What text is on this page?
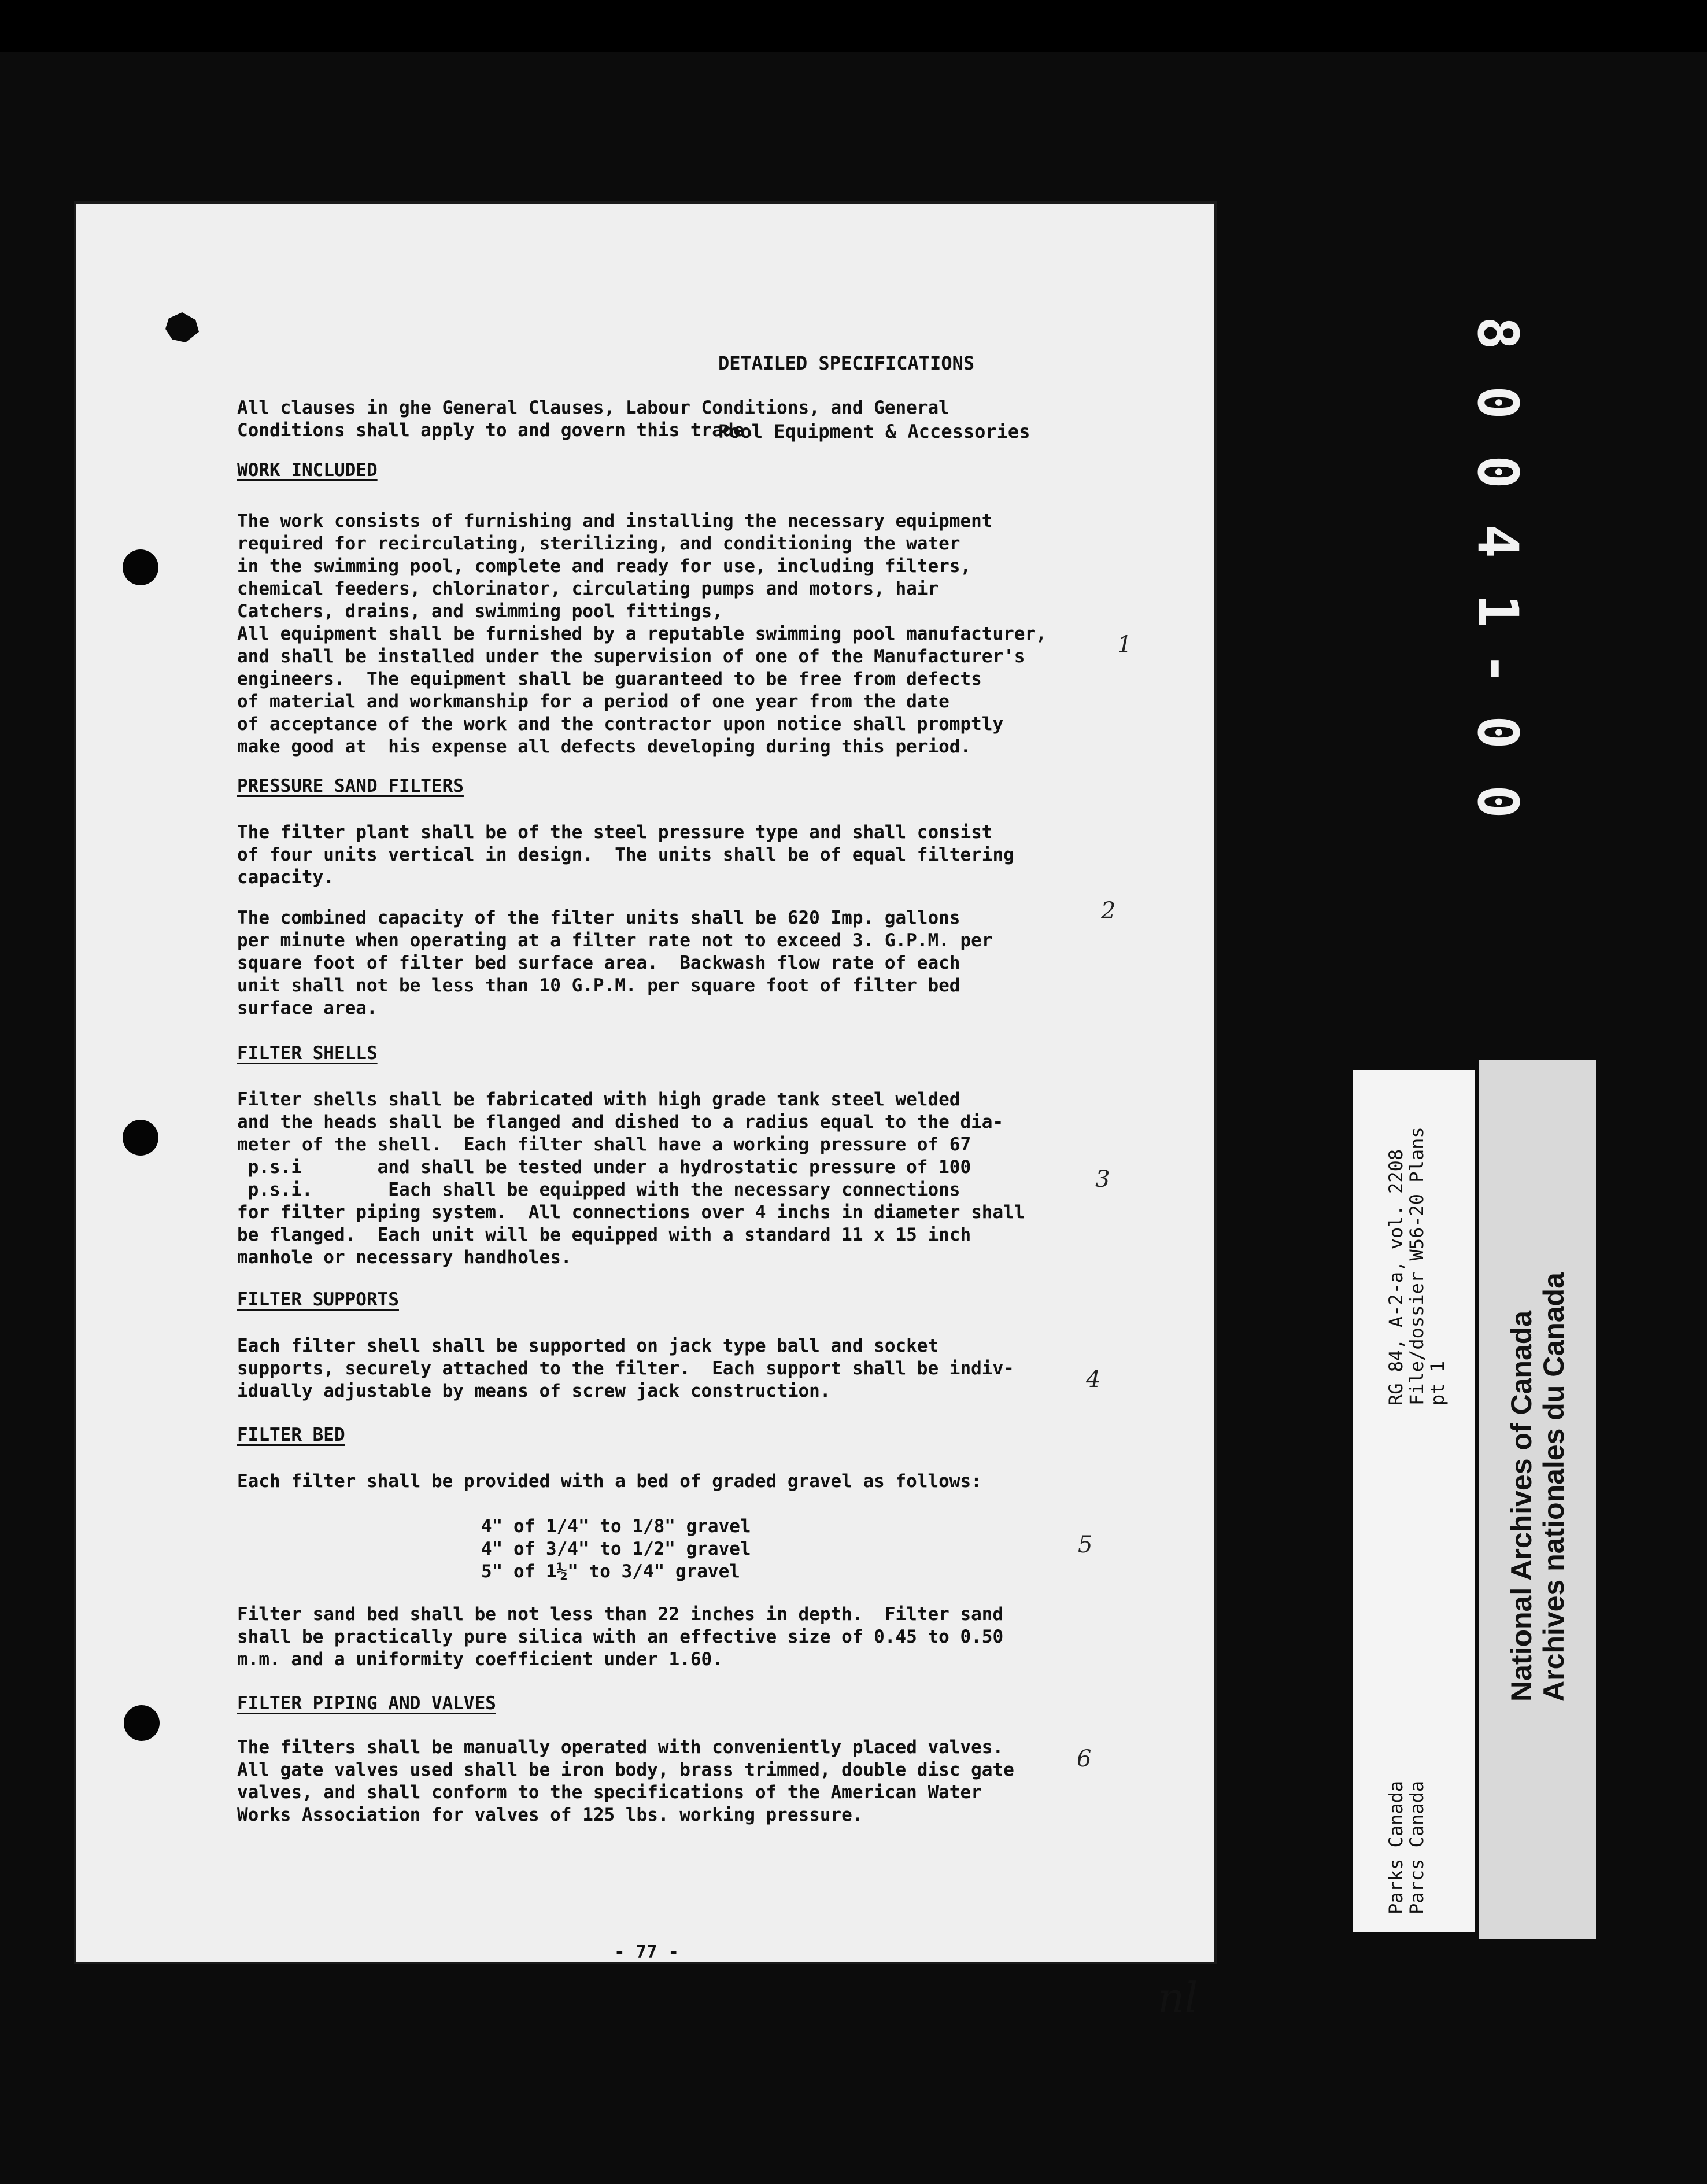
DETAILED SPECIFICATIONS

Pool Equipment & Accessories

All clauses in ghe General Clauses, Labour Conditions, and General
Conditions shall apply to and govern this trade.
WORK INCLUDED
The work consists of furnishing and installing the necessary equipment
required for recirculating, sterilizing, and conditioning the water
in the swimming pool, complete and ready for use, including filters,
chemical feeders, chlorinator, circulating pumps and motors, hair
Catchers, drains, and swimming pool fittings,
All equipment shall be furnished by a reputable swimming pool manufacturer,
and shall be installed under the supervision of one of the Manufacturer's
engineers.  The equipment shall be guaranteed to be free from defects
of material and workmanship for a period of one year from the date
of acceptance of the work and the contractor upon notice shall promptly
make good at  his expense all defects developing during this period.
PRESSURE SAND FILTERS
The filter plant shall be of the steel pressure type and shall consist
of four units vertical in design.  The units shall be of equal filtering
capacity.
The combined capacity of the filter units shall be 620 Imp. gallons
per minute when operating at a filter rate not to exceed 3. G.P.M. per
square foot of filter bed surface area.  Backwash flow rate of each
unit shall not be less than 10 G.P.M. per square foot of filter bed
surface area.
FILTER SHELLS
Filter shells shall be fabricated with high grade tank steel welded
and the heads shall be flanged and dished to a radius equal to the dia-
meter of the shell.  Each filter shall have a working pressure of 67
p.s.i       and shall be tested under a hydrostatic pressure of 100
p.s.i.       Each shall be equipped with the necessary connections
for filter piping system.  All connections over 4 inchs in diameter shall
be flanged.  Each unit will be equipped with a standard 11 x 15 inch
manhole or necessary handholes.
FILTER SUPPORTS
Each filter shell shall be supported on jack type ball and socket
supports, securely attached to the filter.  Each support shall be indiv-
idually adjustable by means of screw jack construction.
FILTER BED
Each filter shall be provided with a bed of graded gravel as follows:
4" of 1/4" to 1/8" gravel
4" of 3/4" to 1/2" gravel
5" of 1½" to 3/4" gravel
Filter sand bed shall be not less than 22 inches in depth.  Filter sand
shall be practically pure silica with an effective size of 0.45 to 0.50
m.m. and a uniformity coefficient under 1.60.
FILTER PIPING AND VALVES
The filters shall be manually operated with conveniently placed valves.
All gate valves used shall be iron body, brass trimmed, double disc gate
valves, and shall conform to the specifications of the American Water
Works Association for valves of 125 lbs. working pressure.
- 77 -
1
2
3
4
5
6
nl
8
0
0
4
1
-
0
0
RG 84, A-2-a, vol. 2208
File/dossier W56-20 Plans
pt 1
Parks Canada
Parcs Canada
National Archives of Canada Archives nationales du Canada
